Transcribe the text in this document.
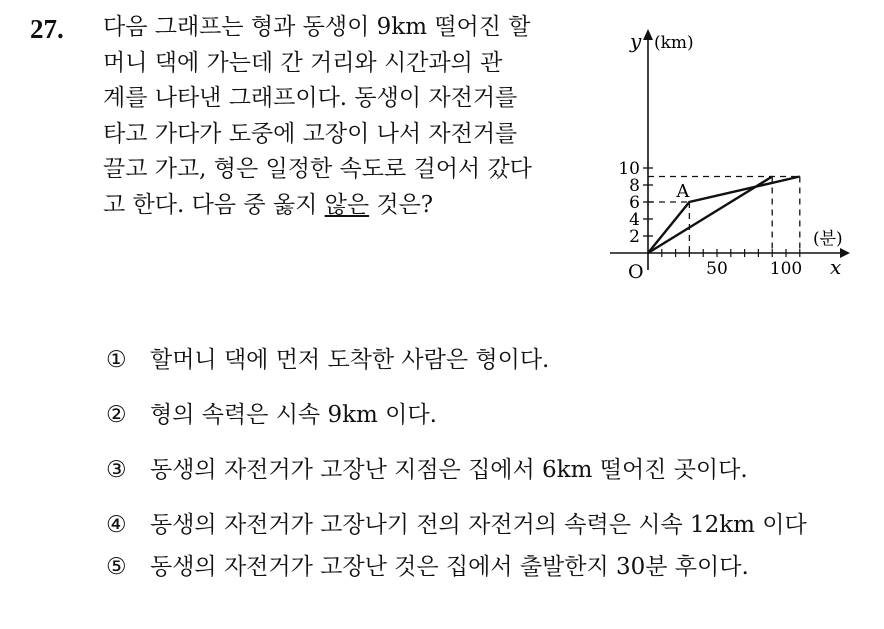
27. 다음 그래프는 형과 동생이 9km 떨어진 할
머니 댁에 가는데 간 거리와 시간과의 관
계를 나타낸 그래프이다. 동생이 자전거를
타고 가다가 도중에 고장이 나서 자전거를
끌고 가고, 형은 일정한 속도로 걸어서 갔다
고 한다. 다음 중 옳지 않은 것은?
2
4
6
8
10
50 100
y (km)
(분)
x
O
A
①	할머니 댁에 먼저 도착한 사람은 형이다.
②	형의 속력은 시속 9km 이다.
③	동생의 자전거가 고장난 지점은 집에서 6km 떨어진 곳이다.
④	동생의 자전거가 고장나기 전의 자전거의 속력은 시속 12km 이다
⑤	동생의 자전거가 고장난 것은 집에서 출발한지 30분 후이다.
